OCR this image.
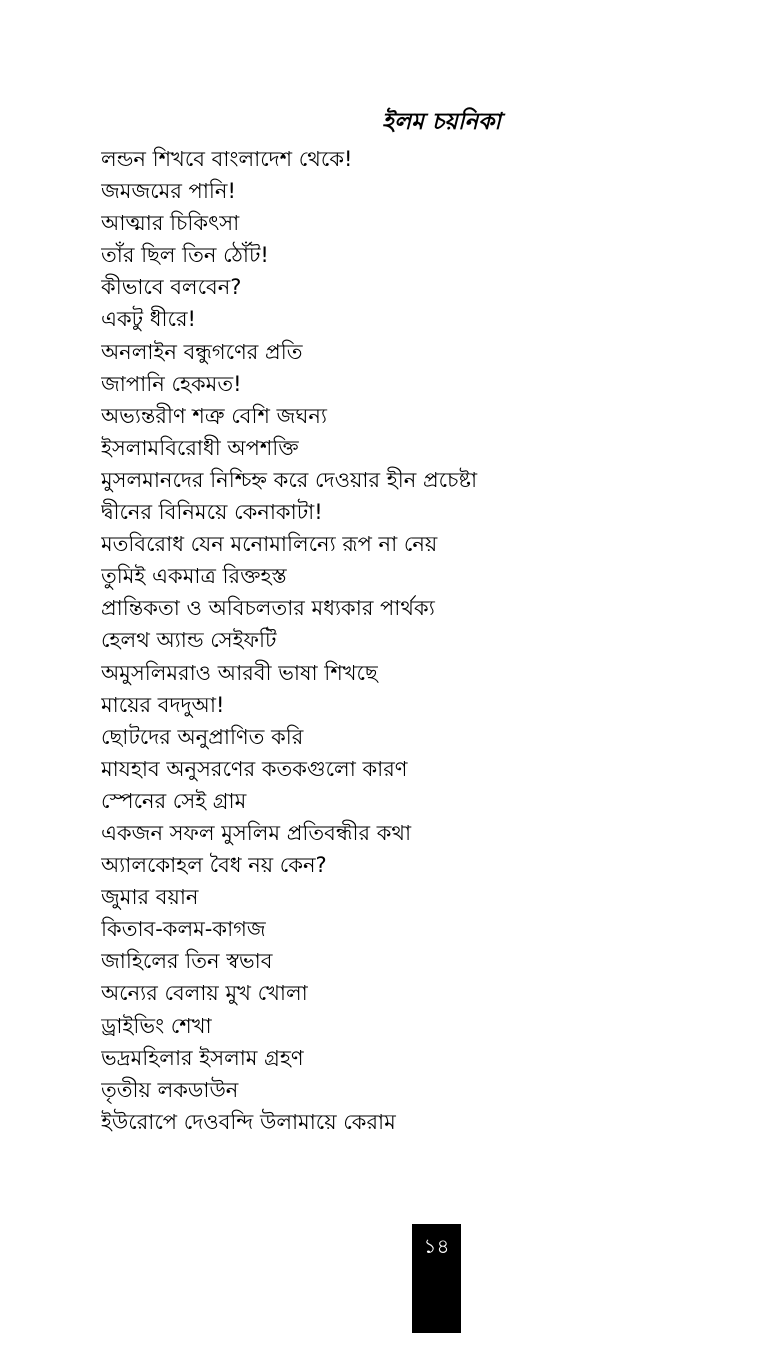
ইলম চয়নিকা
লন্ডন শিখবে বাংলাদেশ থেকে!
জমজমের পানি!
আত্মার চিকিৎসা
তাঁর ছিল তিন ঠোঁট!
কীভাবে বলবেন?
একটু ধীরে!
অনলাইন বন্ধুগণের প্রতি
জাপানি হেকমত!
অভ্যন্তরীণ শত্রু বেশি জঘন্য
ইসলামবিরোধী অপশক্তি
মুসলমানদের নিশ্চিহ্ন করে দেওয়ার হীন প্রচেষ্টা
দ্বীনের বিনিময়ে কেনাকাটা!
মতবিরোধ যেন মনোমালিন্যে রূপ না নেয়
তুমিই একমাত্র রিক্তহস্ত
প্রান্তিকতা ও অবিচলতার মধ্যকার পার্থক্য
হেলথ অ্যান্ড সেইফটি
অমুসলিমরাও আরবী ভাষা শিখছে
মায়ের বদদুআ!
ছোটদের অনুপ্রাণিত করি
মাযহাব অনুসরণের কতকগুলো কারণ
স্পেনের সেই গ্রাম
একজন সফল মুসলিম প্রতিবন্ধীর কথা
অ্যালকোহল বৈধ নয় কেন?
জুমার বয়ান
কিতাব-কলম-কাগজ
জাহিলের তিন স্বভাব
অন্যের বেলায় মুখ খোলা
ড্রাইভিং শেখা
ভদ্রমহিলার ইসলাম গ্রহণ
তৃতীয় লকডাউন
ইউরোপে দেওবন্দি উলামায়ে কেরাম
১৪
